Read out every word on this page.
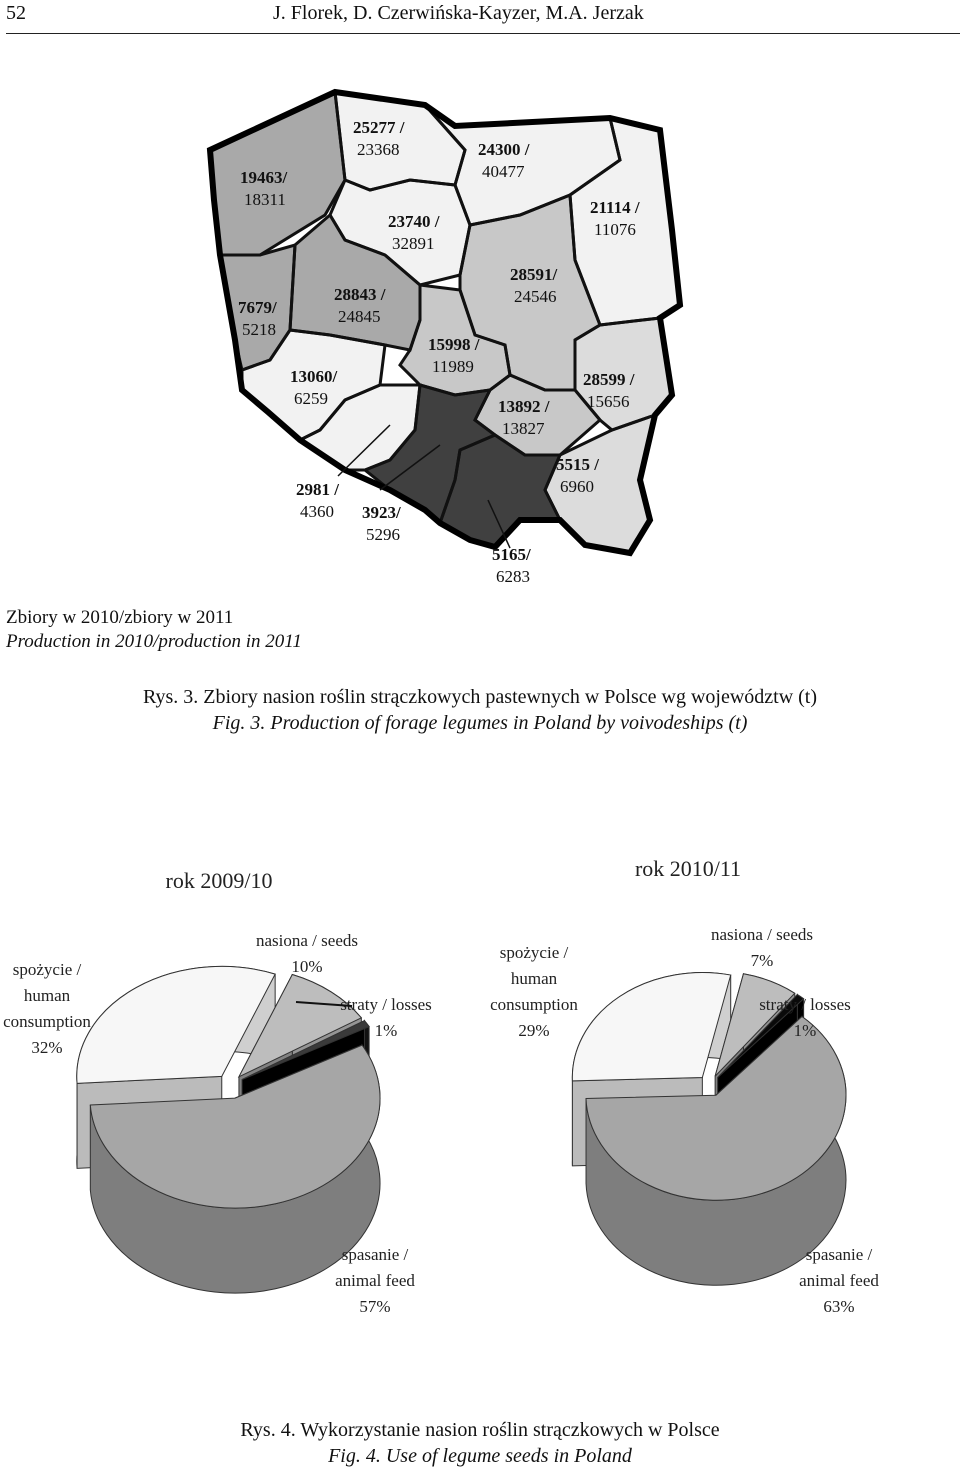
52	J. Florek, D. Czerwińska-Kayzer, M.A. Jerzak
19463/
18311
25277 /
23368	24300 /
40477
21114 /
11076
23740 /
32891
7679/
5218
28843 /
24845
28591/
24546
15998 /
11989
13060/
6259
28599 /
15656
13892 /
13827
5515 /
6960
2981 /
4360 3923/
5296
5165/
6283
Zbiory w 2010/zbiory w 2011
Production in 2010/production in 2011
Rys. 3. Zbiory nasion roślin strączkowych pastewnych w Polsce wg województw (t)
Fig. 3. Production of forage legumes in Poland by voivodeships (t)
rok 2009/10
spożycie /
human
consumption
32%
nasiona / seeds
10%
straty / losses
1%
spasanie /
animal feed
57%
rok 2010/11
spożycie /
human
consumption
29%
nasiona / seeds
7%
straty / losses
1%
spasanie /
animal feed
63%
Rys. 4. Wykorzystanie nasion roślin strączkowych w Polsce
Fig. 4. Use of legume seeds in Poland
